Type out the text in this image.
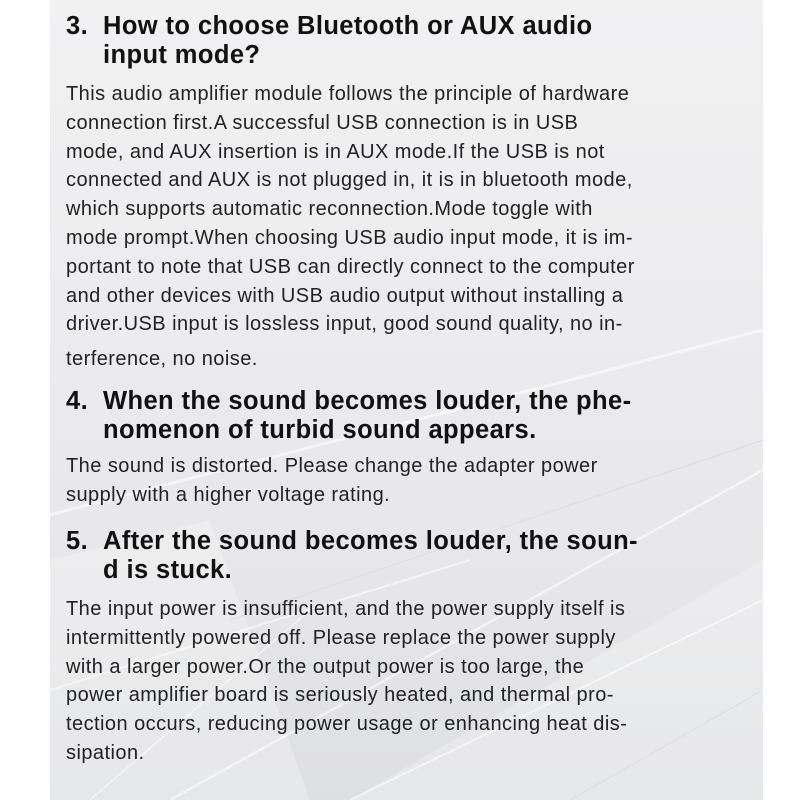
3. How to choose Bluetooth or AUX audio
input mode?

This audio amplifier module follows the principle of hardware
connection first.A successful USB connection is in USB
mode, and AUX insertion is in AUX mode.If the USB is not
connected and AUX is not plugged in, it is in bluetooth mode,
which supports automatic reconnection.Mode toggle with
mode prompt.When choosing USB audio input mode, it is im-
portant to note that USB can directly connect to the computer
and other devices with USB audio output without installing a
driver.USB input is lossless input, good sound quality, no in-
terference, no noise.

4. When the sound becomes louder, the phe-
nomenon of turbid sound appears.

The sound is distorted. Please change the adapter power
supply with a higher voltage rating.

5. After the sound becomes louder, the soun-
d is stuck.

The input power is insufficient, and the power supply itself is
intermittently powered off. Please replace the power supply
with a larger power.Or the output power is too large, the
power amplifier board is seriously heated, and thermal pro-
tection occurs, reducing power usage or enhancing heat dis-
sipation.
